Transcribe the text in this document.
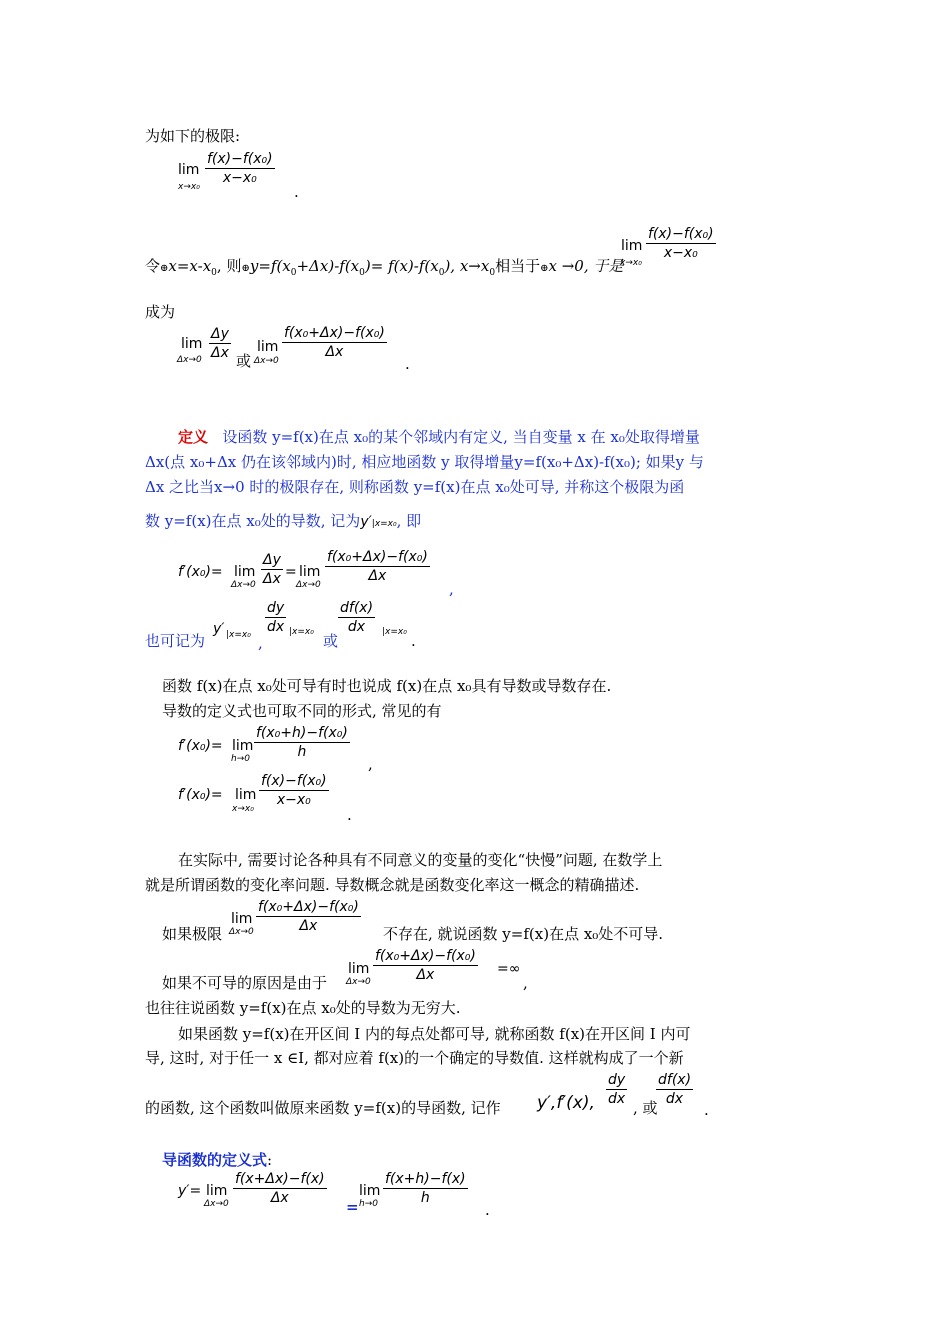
为如下的极限:
lim
x→x₀
f(x)−f(x₀)
x−x₀
.
lim
x→x₀
f(x)−f(x₀)
x−x₀
令$\oplus x=x-x_0$, 则$\oplus y=f(x_0+\Delta x)-f(x_0)= f(x)-f(x_0)$, $x\to x_0$相当于⊕x →0, 于是
成为
lim
Δx→0
Δy
Δx 或
lim
Δx→0
f(x₀+Δx)−f(x₀)
Δx
.
定义 设函数 y=f(x)在点 x₀的某个邻域内有定义, 当自变量 x 在 x₀处取得增量
Δx(点 x₀+Δx 仍在该邻域内)时, 相应地函数 y 取得增量y=f(x₀+Δx)-f(x₀); 如果y 与
Δx 之比当x→0 时的极限存在, 则称函数 y=f(x)在点 x₀处可导, 并称这个极限为函
数 y=f(x)在点 x₀处的导数, 记为y′|x=x₀, 即
f′(x₀)= lim
Δx→0
Δy
Δx = lim
Δx→0
f(x₀+Δx)−f(x₀)
Δx
,
也可记为
y′ |x=x₀ ,
dy
dx |x=x₀ 或
df(x)
dx |x=x₀ .
函数 f(x)在点 x₀处可导有时也说成 f(x)在点 x₀具有导数或导数存在.
导数的定义式也可取不同的形式, 常见的有
f′(x₀)= lim
h→0
f(x₀+h)−f(x₀)
h
,
f′(x₀)= lim
x→x₀
f(x)−f(x₀)
x−x₀
.
在实际中, 需要讨论各种具有不同意义的变量的变化“快慢”问题, 在数学上
就是所谓函数的变化率问题. 导数概念就是函数变化率这一概念的精确描述.
如果极限
lim
Δx→0
f(x₀+Δx)−f(x₀)
Δx	不存在, 就说函数 y=f(x)在点 x₀处不可导.
如果不可导的原因是由于
lim
Δx→0
f(x₀+Δx)−f(x₀)
Δx	=∞
,
也往往说函数 y=f(x)在点 x₀处的导数为无穷大.
如果函数 y=f(x)在开区间 I 内的每点处都可导, 就称函数 f(x)在开区间 I 内可
导, 这时, 对于任一 x ∈I, 都对应着 f(x)的一个确定的导数值. 这样就构成了一个新
的函数, 这个函数叫做原来函数 y=f(x)的导函数, 记作 y′,f′(x),
dy
dx , 或
df(x)
dx
.
导函数的定义式:
y′= lim
Δx→0
f(x+Δx)−f(x)
Δx	=
lim
h→0
f(x+h)−f(x)
h
.
